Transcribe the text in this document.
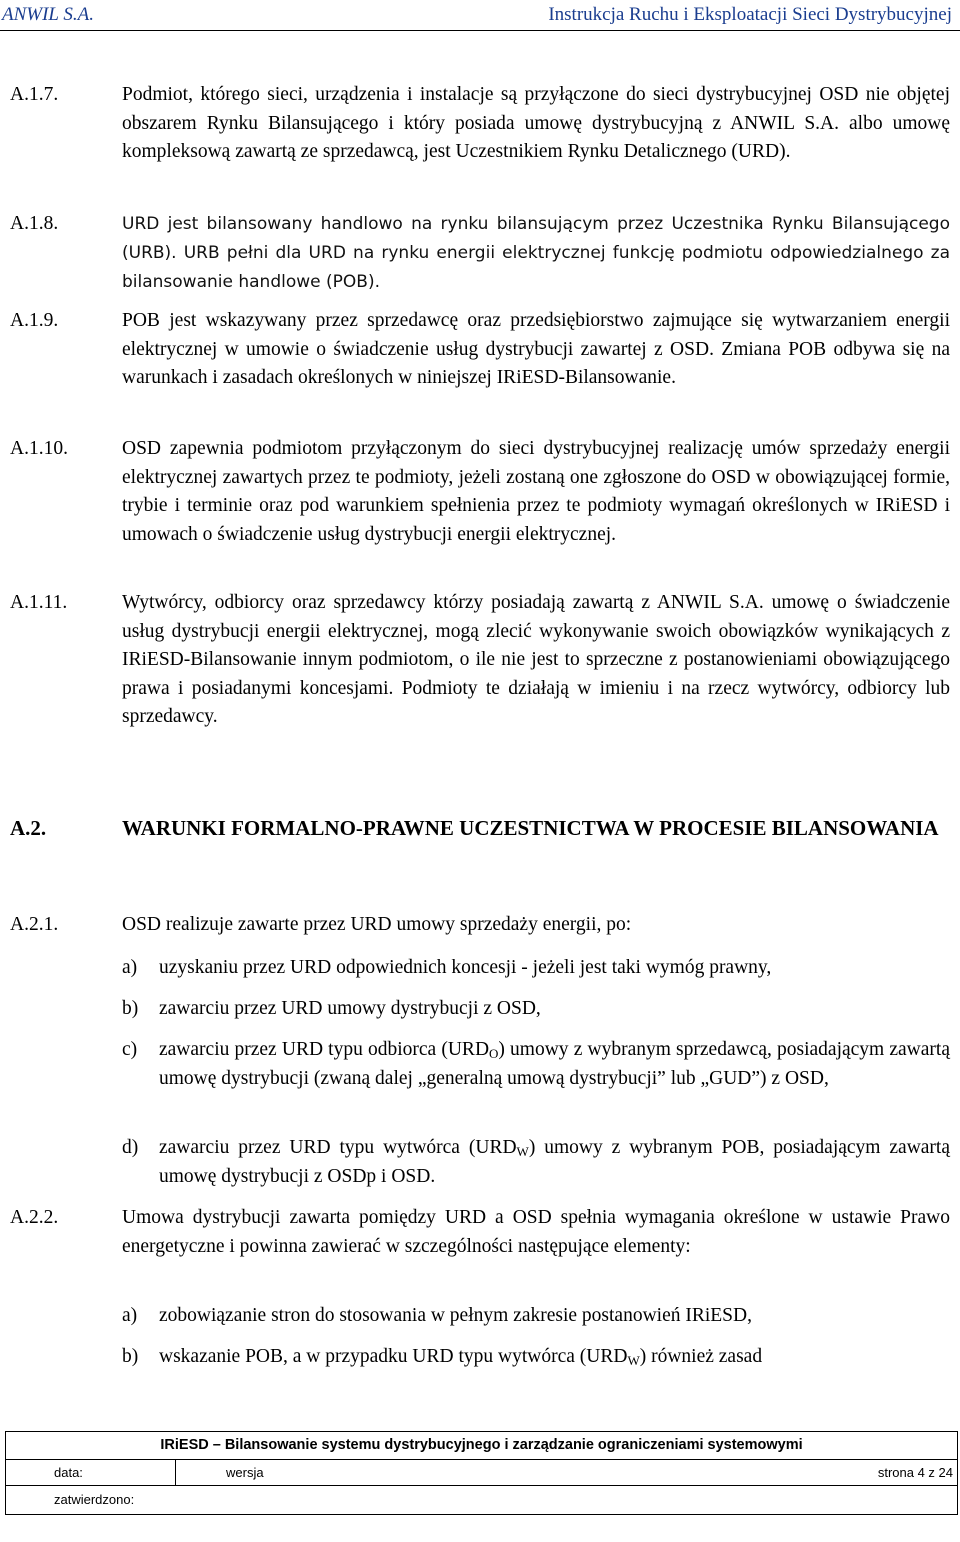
ANWIL S.A.	Instrukcja Ruchu i Eksploatacji Sieci Dystrybucyjnej
A.1.7.	Podmiot, którego sieci, urządzenia i instalacje są przyłączone do sieci dystrybucyjnej OSD nie objętej obszarem Rynku Bilansującego i który posiada umowę dystrybucyjną z ANWIL S.A. albo umowę kompleksową zawartą ze sprzedawcą, jest Uczestnikiem Rynku Detalicznego (URD).
A.1.8.	URD jest bilansowany handlowo na rynku bilansującym przez Uczestnika Rynku Bilansującego (URB). URB pełni dla URD na rynku energii elektrycznej funkcję podmiotu odpowiedzialnego za bilansowanie handlowe (POB).
A.1.9.	POB jest wskazywany przez sprzedawcę oraz przedsiębiorstwo zajmujące się wytwarzaniem energii elektrycznej w umowie o świadczenie usług dystrybucji zawartej z OSD. Zmiana POB odbywa się na warunkach i zasadach określonych w niniejszej IRiESD-Bilansowanie.
A.1.10.	OSD zapewnia podmiotom przyłączonym do sieci dystrybucyjnej realizację umów sprzedaży energii elektrycznej zawartych przez te podmioty, jeżeli zostaną one zgłoszone do OSD w obowiązującej formie, trybie i terminie oraz pod warunkiem spełnienia przez te podmioty wymagań określonych w IRiESD i umowach o świadczenie usług dystrybucji energii elektrycznej.
A.1.11.	Wytwórcy, odbiorcy oraz sprzedawcy którzy posiadają zawartą z ANWIL S.A. umowę o świadczenie usług dystrybucji energii elektrycznej, mogą zlecić wykonywanie swoich obowiązków wynikających z IRiESD-Bilansowanie innym podmiotom, o ile nie jest to sprzeczne z postanowieniami obowiązującego prawa i posiadanymi koncesjami. Podmioty te działają w imieniu i na rzecz wytwórcy, odbiorcy lub sprzedawcy.
A.2.	WARUNKI FORMALNO-PRAWNE UCZESTNICTWA W PROCESIE BILANSOWANIA
A.2.1.	OSD realizuje zawarte przez URD umowy sprzedaży energii, po:
a) uzyskaniu przez URD odpowiednich koncesji - jeżeli jest taki wymóg prawny,
b) zawarciu przez URD umowy dystrybucji z OSD,
c) zawarciu przez URD typu odbiorca $(URD_O)$ umowy z wybranym sprzedawcą, posiadającym zawartą umowę dystrybucji (zwaną dalej „generalną umową dystrybucji” lub „GUD”) z OSD,
d) zawarciu przez URD typu wytwórca $(URD_W)$ umowy z wybranym POB, posiadającym zawartą umowę dystrybucji z OSDp i OSD.
A.2.2.	Umowa dystrybucji zawarta pomiędzy URD a OSD spełnia wymagania określone w ustawie Prawo energetyczne i powinna zawierać w szczególności następujące elementy:
a) zobowiązanie stron do stosowania w pełnym zakresie postanowień IRiESD,
b) wskazanie POB, a w przypadku URD typu wytwórca $(URD_W)$ również zasad
IRiESD – Bilansowanie systemu dystrybucyjnego i zarządzanie ograniczeniami systemowymi
data:	wersja	strona 4 z 24
zatwierdzono:
